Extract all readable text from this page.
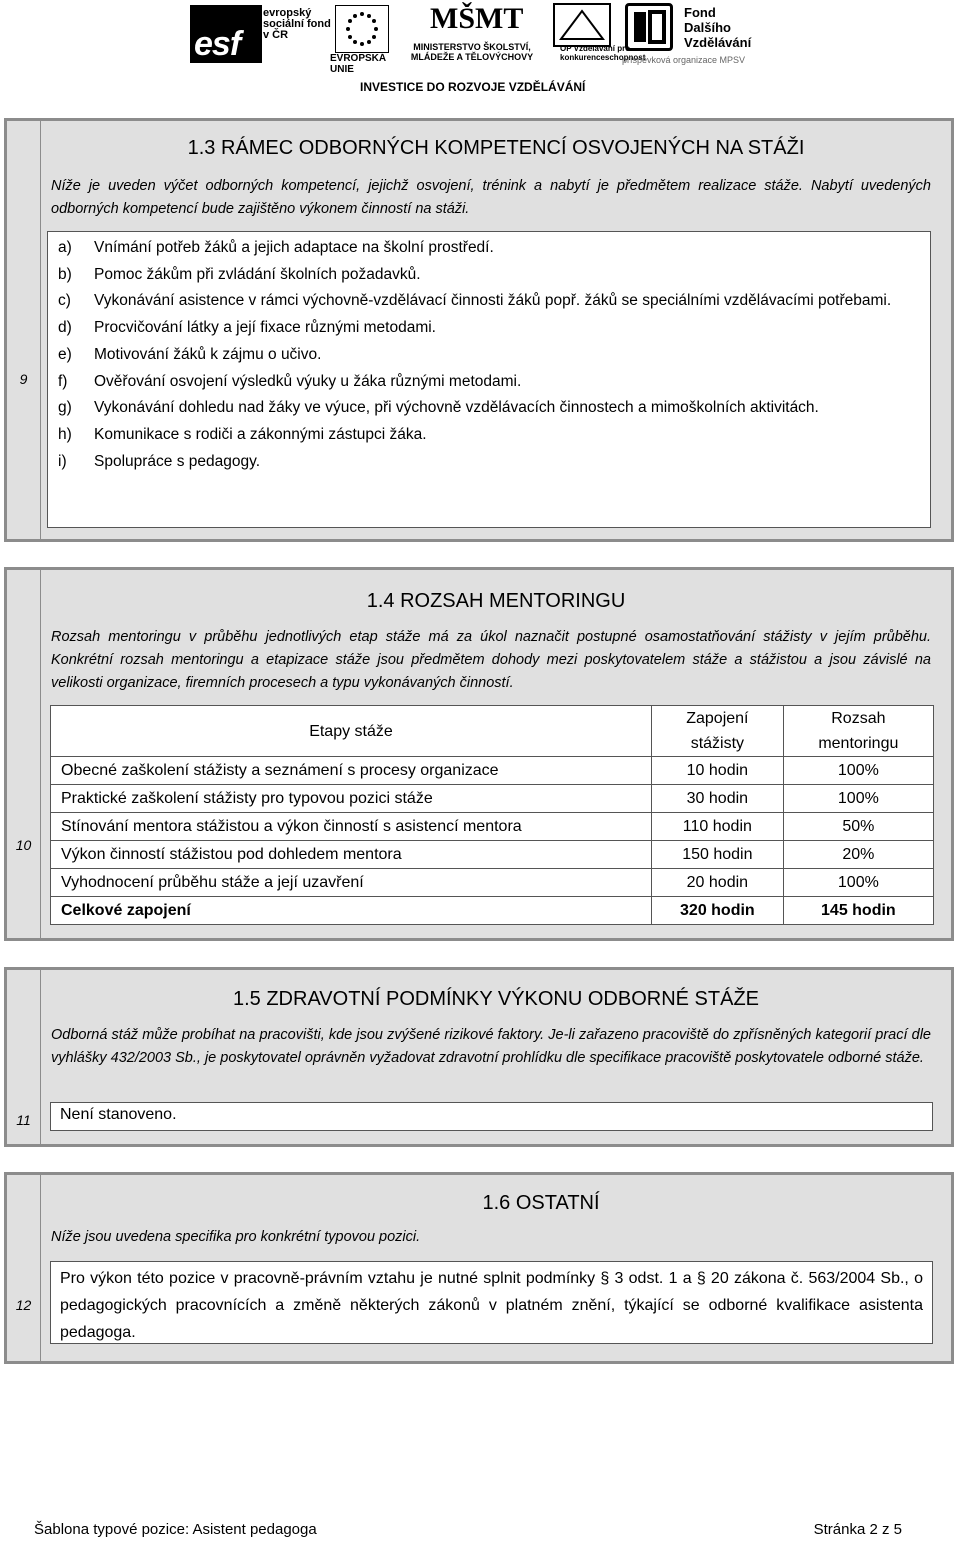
esf
evropský sociální fond v ČR
EVROPSKÁ UNIE
MŠMT
MINISTERSTVO ŠKOLSTVÍ, MLÁDEŽE A TĚLOVÝCHOVY
OP Vzdělávání pro konkurenceschopnost
Fond Dalšího Vzdělávání
příspěvková organizace MPSV
INVESTICE DO ROZVOJE VZDĚLÁVÁNÍ
9
1.3 RÁMEC ODBORNÝCH KOMPETENCÍ OSVOJENÝCH NA STÁŽI
Níže je uveden výčet odborných kompetencí, jejichž osvojení, trénink a nabytí je předmětem realizace stáže. Nabytí uvedených odborných kompetencí bude zajištěno výkonem činností na stáži.
a)	Vnímání potřeb žáků a jejich adaptace na školní prostředí.
b)	Pomoc žákům při zvládání školních požadavků.
c)	Vykonávání asistence v rámci výchovně-vzdělávací činnosti žáků popř. žáků se speciálními vzdělávacími potřebami.
d)	Procvičování látky a její fixace různými metodami.
e)	Motivování žáků k zájmu o učivo.
f)	Ověřování osvojení výsledků výuky u žáka různými metodami.
g)	Vykonávání dohledu nad žáky ve výuce, při výchovně vzdělávacích činnostech a mimoškolních aktivitách.
h)	Komunikace s rodiči a zákonnými zástupci žáka.
i)	Spolupráce s pedagogy.
10
1.4 ROZSAH MENTORINGU
Rozsah mentoringu v průběhu jednotlivých etap stáže má za úkol naznačit postupné osamostatňování stážisty v jejím průběhu. Konkrétní rozsah mentoringu a etapizace stáže jsou předmětem dohody mezi poskytovatelem stáže a stážistou a jsou závislé na velikosti organizace, firemních procesech a typu vykonávaných činností.
Etapy stáže	Zapojení stážisty	Rozsah mentoringu
Obecné zaškolení stážisty a seznámení s procesy organizace	10 hodin	100%
Praktické zaškolení stážisty pro typovou pozici stáže	30 hodin	100%
Stínování mentora stážistou a výkon činností s asistencí mentora	110 hodin	50%
Výkon činností stážistou pod dohledem mentora	150 hodin	20%
Vyhodnocení průběhu stáže a její uzavření	20 hodin	100%
Celkové zapojení	320 hodin	145 hodin
11
1.5 ZDRAVOTNÍ PODMÍNKY VÝKONU ODBORNÉ STÁŽE
Odborná stáž může probíhat na pracovišti, kde jsou zvýšené rizikové faktory. Je-li zařazeno pracoviště do zpřísněných kategorií prací dle vyhlášky 432/2003 Sb., je poskytovatel oprávněn vyžadovat zdravotní prohlídku dle specifikace pracoviště poskytovatele odborné stáže.
Není stanoveno.
12
1.6 OSTATNÍ
Níže jsou uvedena specifika pro konkrétní typovou pozici.
Pro výkon této pozice v pracovně-právním vztahu je nutné splnit podmínky § 3 odst. 1 a § 20 zákona č. 563/2004 Sb., o pedagogických pracovnících a změně některých zákonů v platném znění, týkající se odborné kvalifikace asistenta pedagoga.
Šablona typové pozice: Asistent pedagoga	Stránka 2 z 5
